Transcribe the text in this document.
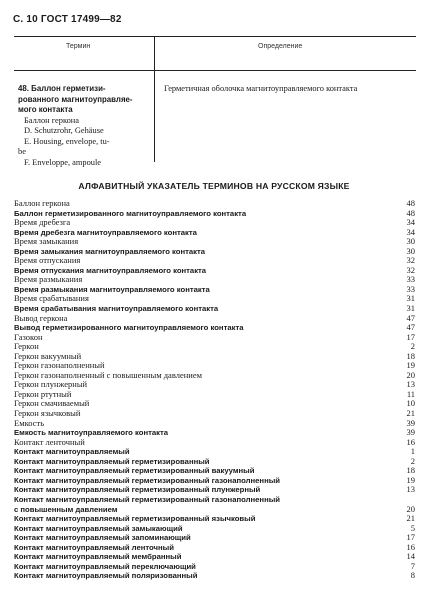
С. 10 ГОСТ 17499—82
Термин	Определение
48. Баллон герметизи-
рованного магнитоуправляе-
мого контакта
Баллон геркона
D. Schutzrohr, Gehäuse
E. Housing, envelope, tu-
be
F. Enveloppe, ampoule
Герметичная оболочка магнитоуправляемого контакта
АЛФАВИТНЫЙ УКАЗАТЕЛЬ ТЕРМИНОВ НА РУССКОМ ЯЗЫКЕ
Баллон геркона	48
Баллон герметизированного магнитоуправляемого контакта	48
Время дребезга	34
Время дребезга магнитоуправляемого контакта	34
Время замыкания	30
Время замыкания магнитоуправляемого контакта	30
Время отпускания	32
Время отпускания магнитоуправляемого контакта	32
Время размыкания	33
Время размыкания магнитоуправляемого контакта	33
Время срабатывания	31
Время срабатывания магнитоуправляемого контакта	31
Вывод геркона	47
Вывод герметизированного магнитоуправляемого контакта	47
Газокон	17
Геркон	2
Геркон вакуумный	18
Геркон газонаполненный	19
Геркон газонаполненный с повышенным давлением	20
Геркон плунжерный	13
Геркон ртутный	11
Геркон смачиваемый	10
Геркон язычковый	21
Емкость	39
Емкость магнитоуправляемого контакта	39
Контакт ленточный	16
Контакт магнитоуправляемый	1
Контакт магнитоуправляемый герметизированный	2
Контакт магнитоуправляемый герметизированный вакуумный	18
Контакт магнитоуправляемый герметизированный газонаполненный	19
Контакт магнитоуправляемый герметизированный плунжерный	13
Контакт магнитоуправляемый герметизированный газонаполненный
с повышенным давлением	20
Контакт магнитоуправляемый герметизированный язычковый	21
Контакт магнитоуправляемый замыкающий	5
Контакт магнитоуправляемый запоминающий	17
Контакт магнитоуправляемый ленточный	16
Контакт магнитоуправляемый мембранный	14
Контакт магнитоуправляемый переключающий	7
Контакт магнитоуправляемый поляризованный	8
